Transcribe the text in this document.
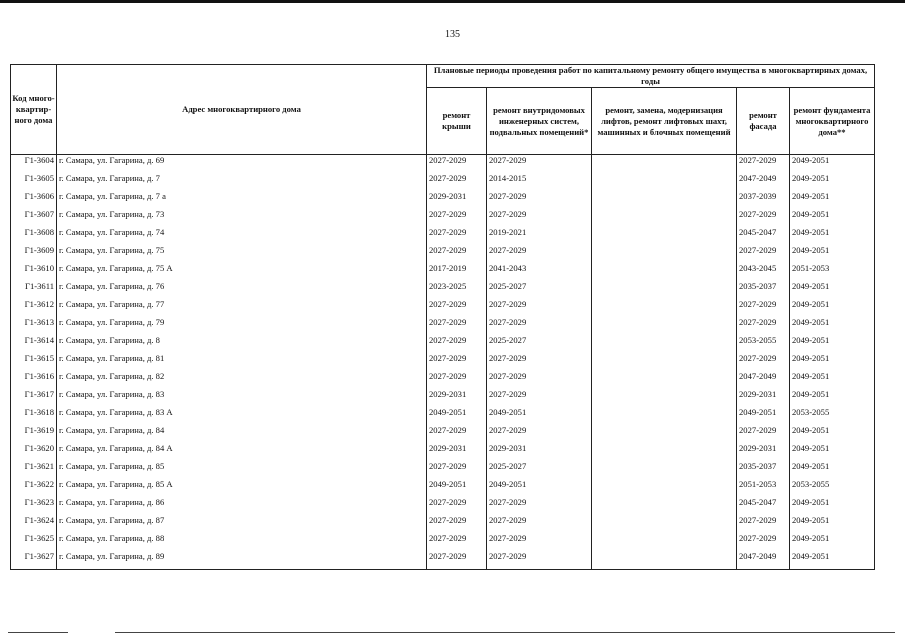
135
Код много-квартир-ного дома	Адрес многоквартирного дома	Плановые периоды проведения работ по капитальному ремонту общего имущества в многоквартирных домах, годы				
		ремонт крыши	ремонт внутридомовых инженерных систем, подвальных помещений*	ремонт, замена, модернизация лифтов, ремонт лифтовых шахт, машинных и блочных помещений	ремонт фасада	ремонт фундамента многоквартирного дома**
Г1-3604	г. Самара, ул. Гагарина, д. 69	2027-2029	2027-2029		2027-2029	2049-2051
Г1-3605	г. Самара, ул. Гагарина, д. 7	2027-2029	2014-2015		2047-2049	2049-2051
Г1-3606	г. Самара, ул. Гагарина, д. 7 а	2029-2031	2027-2029		2037-2039	2049-2051
Г1-3607	г. Самара, ул. Гагарина, д. 73	2027-2029	2027-2029		2027-2029	2049-2051
Г1-3608	г. Самара, ул. Гагарина, д. 74	2027-2029	2019-2021		2045-2047	2049-2051
Г1-3609	г. Самара, ул. Гагарина, д. 75	2027-2029	2027-2029		2027-2029	2049-2051
Г1-3610	г. Самара, ул. Гагарина, д. 75 А	2017-2019	2041-2043		2043-2045	2051-2053
Г1-3611	г. Самара, ул. Гагарина, д. 76	2023-2025	2025-2027		2035-2037	2049-2051
Г1-3612	г. Самара, ул. Гагарина, д. 77	2027-2029	2027-2029		2027-2029	2049-2051
Г1-3613	г. Самара, ул. Гагарина, д. 79	2027-2029	2027-2029		2027-2029	2049-2051
Г1-3614	г. Самара, ул. Гагарина, д. 8	2027-2029	2025-2027		2053-2055	2049-2051
Г1-3615	г. Самара, ул. Гагарина, д. 81	2027-2029	2027-2029		2027-2029	2049-2051
Г1-3616	г. Самара, ул. Гагарина, д. 82	2027-2029	2027-2029		2047-2049	2049-2051
Г1-3617	г. Самара, ул. Гагарина, д. 83	2029-2031	2027-2029		2029-2031	2049-2051
Г1-3618	г. Самара, ул. Гагарина, д. 83 А	2049-2051	2049-2051		2049-2051	2053-2055
Г1-3619	г. Самара, ул. Гагарина, д. 84	2027-2029	2027-2029		2027-2029	2049-2051
Г1-3620	г. Самара, ул. Гагарина, д. 84 А	2029-2031	2029-2031		2029-2031	2049-2051
Г1-3621	г. Самара, ул. Гагарина, д. 85	2027-2029	2025-2027		2035-2037	2049-2051
Г1-3622	г. Самара, ул. Гагарина, д. 85 А	2049-2051	2049-2051		2051-2053	2053-2055
Г1-3623	г. Самара, ул. Гагарина, д. 86	2027-2029	2027-2029		2045-2047	2049-2051
Г1-3624	г. Самара, ул. Гагарина, д. 87	2027-2029	2027-2029		2027-2029	2049-2051
Г1-3625	г. Самара, ул. Гагарина, д. 88	2027-2029	2027-2029		2027-2029	2049-2051
Г1-3627	г. Самара, ул. Гагарина, д. 89	2027-2029	2027-2029		2047-2049	2049-2051
